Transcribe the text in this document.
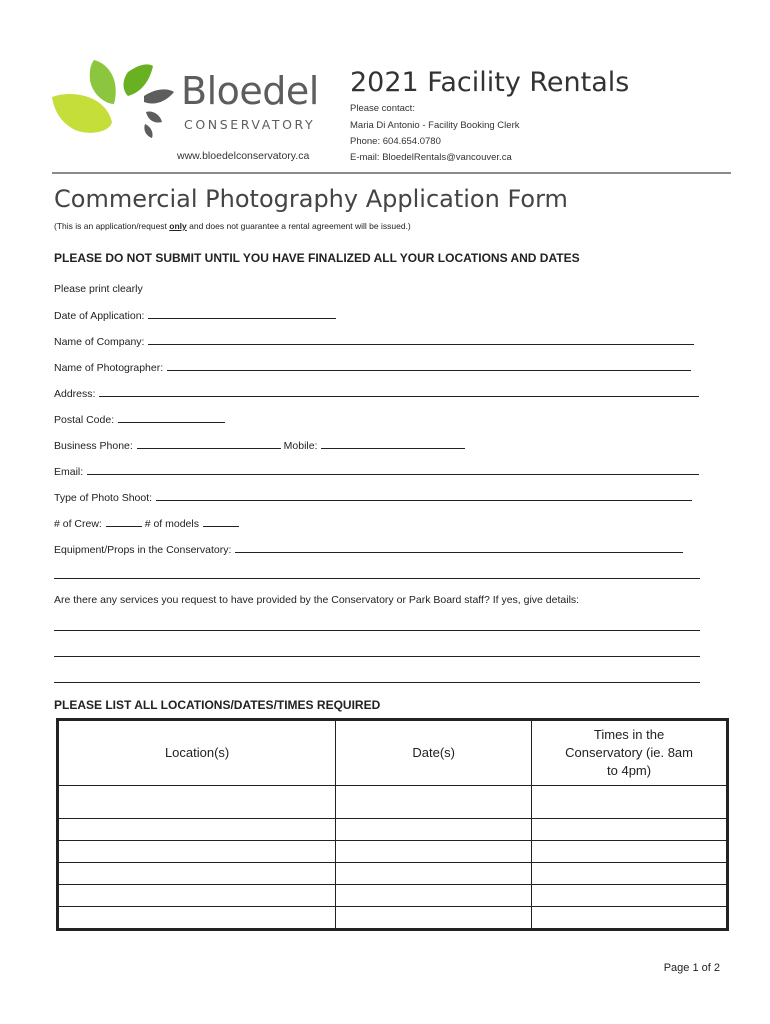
Bloedel
CONSERVATORY
www.bloedelconservatory.ca
2021 Facility Rentals
Please contact:
Maria Di Antonio - Facility Booking Clerk
Phone: 604.654.0780
E-mail: BloedelRentals@vancouver.ca
Commercial Photography Application Form
(This is an application/request only and does not guarantee a rental agreement will be issued.)
PLEASE DO NOT SUBMIT UNTIL YOU HAVE FINALIZED ALL YOUR LOCATIONS AND DATES
Please print clearly
Date of Application:
Name of Company:
Name of Photographer:
Address:
Postal Code:
Business Phone:	Mobile:
Email:
Type of Photo Shoot:
# of Crew:	# of models
Equipment/Props in the Conservatory:
Are there any services you request to have provided by the Conservatory or Park Board staff? If yes, give details:
PLEASE LIST ALL LOCATIONS/DATES/TIMES REQUIRED
Location(s)	Date(s)	Times in the Conservatory (ie. 8am to 4pm)

Page 1 of 2
